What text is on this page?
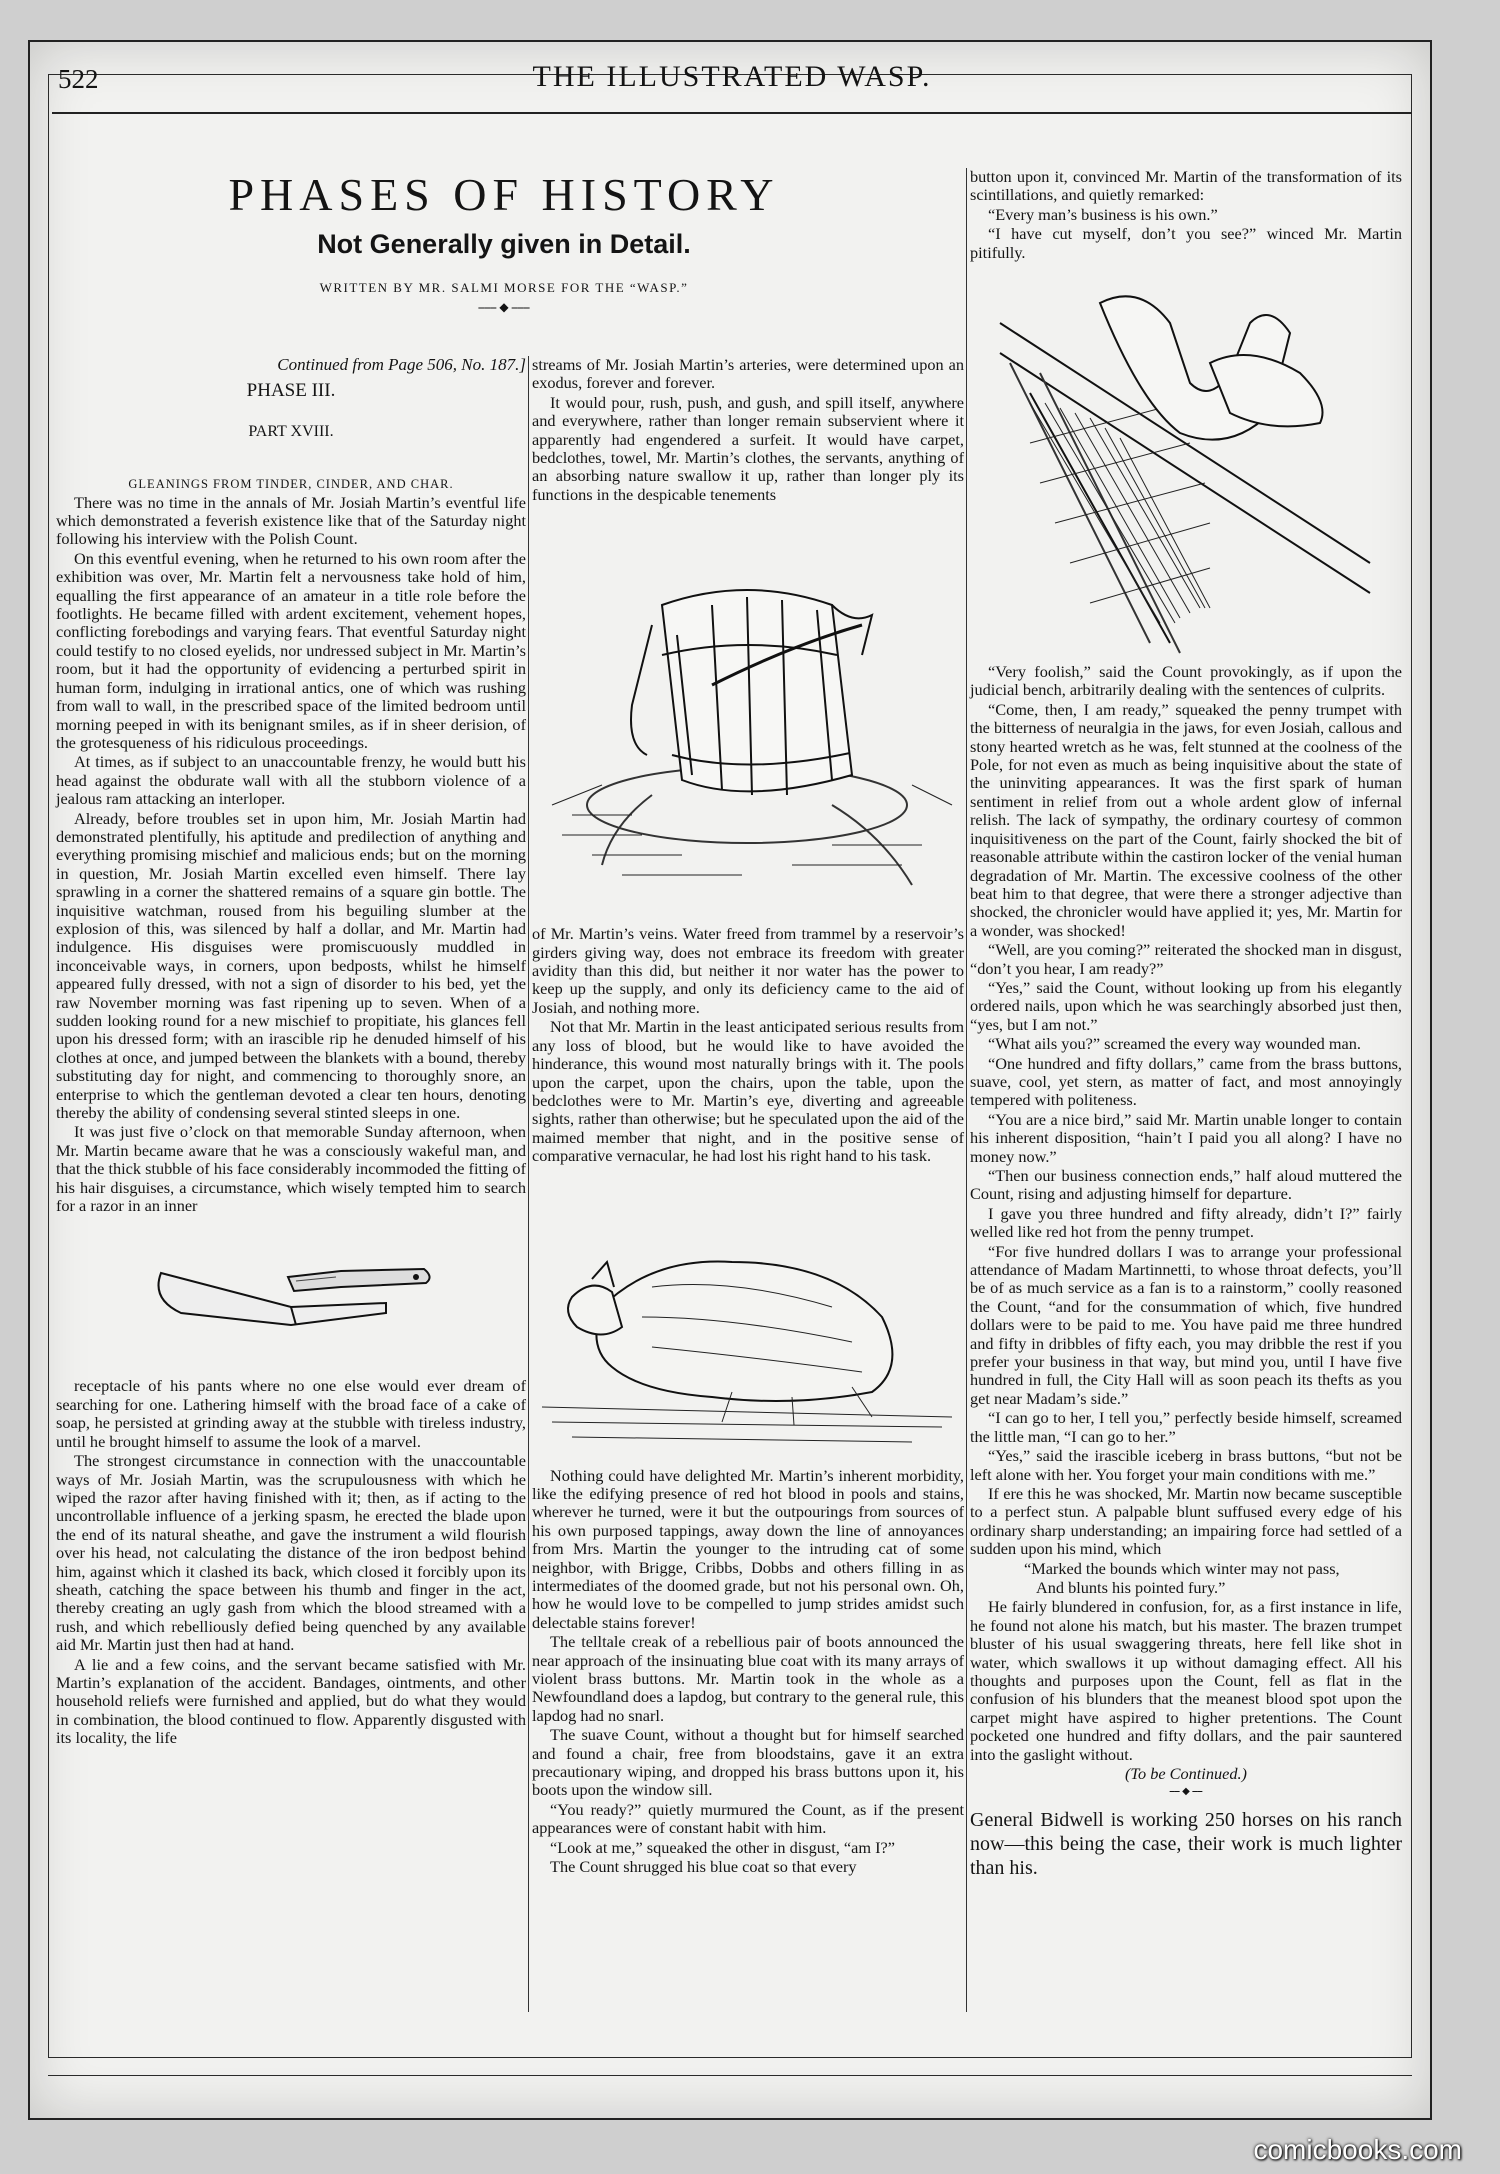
522	THE ILLUSTRATED WASP.
PHASES OF HISTORY
Not Generally given in Detail.
WRITTEN BY MR. SALMI MORSE FOR THE “WASP.”
⎯⎯⎯ ◆ ⎯⎯⎯
Continued from Page 506, No. 187.]
PHASE III.
PART XVIII.
GLEANINGS FROM TINDER, CINDER, AND CHAR.

There was no time in the annals of Mr. Josiah Martin’s eventful life which demonstrated a feverish existence like that of the Saturday night following his interview with the Polish Count.

On this eventful evening, when he returned to his own room after the exhibition was over, Mr. Martin felt a nervousness take hold of him, equalling the first appearance of an amateur in a title role before the footlights. He became filled with ardent excitement, vehement hopes, conflicting forebodings and varying fears. That eventful Saturday night could testify to no closed eyelids, nor undressed subject in Mr. Martin’s room, but it had the opportunity of evidencing a perturbed spirit in human form, indulging in irrational antics, one of which was rushing from wall to wall, in the prescribed space of the limited bedroom until morning peeped in with its benignant smiles, as if in sheer derision, of the grotesqueness of his ridiculous proceedings.

At times, as if subject to an unaccountable frenzy, he would butt his head against the obdurate wall with all the stubborn violence of a jealous ram attacking an interloper.

Already, before troubles set in upon him, Mr. Josiah Martin had demonstrated plentifully, his aptitude and predilection of anything and everything promising mischief and malicious ends; but on the morning in question, Mr. Josiah Martin excelled even himself. There lay sprawling in a corner the shattered remains of a square gin bottle. The inquisitive watchman, roused from his beguiling slumber at the explosion of this, was silenced by half a dollar, and Mr. Martin had indulgence. His disguises were promiscuously muddled in inconceivable ways, in corners, upon bedposts, whilst he himself appeared fully dressed, with not a sign of disorder to his bed, yet the raw November morning was fast ripening up to seven. When of a sudden looking round for a new mischief to propitiate, his glances fell upon his dressed form; with an irascible rip he denuded himself of his clothes at once, and jumped between the blankets with a bound, thereby substituting day for night, and commencing to thoroughly snore, an enterprise to which the gentleman devoted a clear ten hours, denoting thereby the ability of condensing several stinted sleeps in one.

It was just five o’clock on that memorable Sunday afternoon, when Mr. Martin became aware that he was a consciously wakeful man, and that the thick stubble of his face considerably incommoded the fitting of his hair disguises, a circumstance, which wisely tempted him to search for a razor in an inner

receptacle of his pants where no one else would ever dream of searching for one. Lathering himself with the broad face of a cake of soap, he persisted at grinding away at the stubble with tireless industry, until he brought himself to assume the look of a marvel.

The strongest circumstance in connection with the unaccountable ways of Mr. Josiah Martin, was the scrupulousness with which he wiped the razor after having finished with it; then, as if acting to the uncontrollable influence of a jerking spasm, he erected the blade upon the end of its natural sheathe, and gave the instrument a wild flourish over his head, not calculating the distance of the iron bedpost behind him, against which it clashed its back, which closed it forcibly upon its sheath, catching the space between his thumb and finger in the act, thereby creating an ugly gash from which the blood streamed with a rush, and which rebelliously defied being quenched by any available aid Mr. Martin just then had at hand.

A lie and a few coins, and the servant became satisfied with Mr. Martin’s explanation of the accident. Bandages, ointments, and other household reliefs were furnished and applied, but do what they would in combination, the blood continued to flow. Apparently disgusted with its locality, the life

streams of Mr. Josiah Martin’s arteries, were determined upon an exodus, forever and forever.

It would pour, rush, push, and gush, and spill itself, anywhere and everywhere, rather than longer remain subservient where it apparently had engendered a surfeit. It would have carpet, bedclothes, towel, Mr. Martin’s clothes, the servants, anything of an absorbing nature swallow it up, rather than longer ply its functions in the despicable tenements

of Mr. Martin’s veins. Water freed from trammel by a reservoir’s girders giving way, does not embrace its freedom with greater avidity than this did, but neither it nor water has the power to keep up the supply, and only its deficiency came to the aid of Josiah, and nothing more.

Not that Mr. Martin in the least anticipated serious results from any loss of blood, but he would like to have avoided the hinderance, this wound most naturally brings with it. The pools upon the carpet, upon the chairs, upon the table, upon the bedclothes were to Mr. Martin’s eye, diverting and agreeable sights, rather than otherwise; but he speculated upon the aid of the maimed member that night, and in the positive sense of comparative vernacular, he had lost his right hand to his task.

Nothing could have delighted Mr. Martin’s inherent morbidity, like the edifying presence of red hot blood in pools and stains, wherever he turned, were it but the outpourings from sources of his own purposed tappings, away down the line of annoyances from Mrs. Martin the younger to the intruding cat of some neighbor, with Brigge, Cribbs, Dobbs and others filling in as intermediates of the doomed grade, but not his personal own. Oh, how he would love to be compelled to jump strides amidst such delectable stains forever!

The telltale creak of a rebellious pair of boots announced the near approach of the insinuating blue coat with its many arrays of violent brass buttons. Mr. Martin took in the whole as a Newfoundland does a lapdog, but contrary to the general rule, this lapdog had no snarl.

The suave Count, without a thought but for himself searched and found a chair, free from bloodstains, gave it an extra precautionary wiping, and dropped his brass buttons upon it, his boots upon the window sill.

“You ready?” quietly murmured the Count, as if the present appearances were of constant habit with him.

“Look at me,” squeaked the other in disgust, “am I?”

The Count shrugged his blue coat so that every

button upon it, convinced Mr. Martin of the transformation of its scintillations, and quietly remarked:

“Every man’s business is his own.”

“I have cut myself, don’t you see?” winced Mr. Martin pitifully.

“Very foolish,” said the Count provokingly, as if upon the judicial bench, arbitrarily dealing with the sentences of culprits.

“Come, then, I am ready,” squeaked the penny trumpet with the bitterness of neuralgia in the jaws, for even Josiah, callous and stony hearted wretch as he was, felt stunned at the coolness of the Pole, for not even as much as being inquisitive about the state of the uninviting appearances. It was the first spark of human sentiment in relief from out a whole ardent glow of infernal relish. The lack of sympathy, the ordinary courtesy of common inquisitiveness on the part of the Count, fairly shocked the bit of reasonable attribute within the castiron locker of the venial human degradation of Mr. Martin. The excessive coolness of the other beat him to that degree, that were there a stronger adjective than shocked, the chronicler would have applied it; yes, Mr. Martin for a wonder, was shocked!

“Well, are you coming?” reiterated the shocked man in disgust, “don’t you hear, I am ready?”

“Yes,” said the Count, without looking up from his elegantly ordered nails, upon which he was searchingly absorbed just then, “yes, but I am not.”

“What ails you?” screamed the every way wounded man.

“One hundred and fifty dollars,” came from the brass buttons, suave, cool, yet stern, as matter of fact, and most annoyingly tempered with politeness.

“You are a nice bird,” said Mr. Martin unable longer to contain his inherent disposition, “hain’t I paid you all along? I have no money now.”

“Then our business connection ends,” half aloud muttered the Count, rising and adjusting himself for departure.

I gave you three hundred and fifty already, didn’t I?” fairly welled like red hot from the penny trumpet.

“For five hundred dollars I was to arrange your professional attendance of Madam Martinnetti, to whose throat defects, you’ll be of as much service as a fan is to a rainstorm,” coolly reasoned the Count, “and for the consummation of which, five hundred dollars were to be paid to me. You have paid me three hundred and fifty in dribbles of fifty each, you may dribble the rest if you prefer your business in that way, but mind you, until I have five hundred in full, the City Hall will as soon peach its thefts as you get near Madam’s side.”

“I can go to her, I tell you,” perfectly beside himself, screamed the little man, “I can go to her.”

“Yes,” said the irascible iceberg in brass buttons, “but not be left alone with her. You forget your main conditions with me.”

If ere this he was shocked, Mr. Martin now became susceptible to a perfect stun. A palpable blunt suffused every edge of his ordinary sharp understanding; an impairing force had settled of a sudden upon his mind, which

“Marked the bounds which winter may not pass,

And blunts his pointed fury.”

He fairly blundered in confusion, for, as a first instance in life, he found not alone his match, but his master. The brazen trumpet bluster of his usual swaggering threats, here fell like shot in water, which swallows it up without damaging effect. All his thoughts and purposes upon the Count, fell as flat in the confusion of his blunders that the meanest blood spot upon the carpet might have aspired to higher pretentions. The Count pocketed one hundred and fifty dollars, and the pair sauntered into the gaslight without.

(To be Continued.)
⎯⎯ ◆ ⎯⎯

General Bidwell is working 250 horses on his ranch now—this being the case, their work is much lighter than his.

comicbooks.com
